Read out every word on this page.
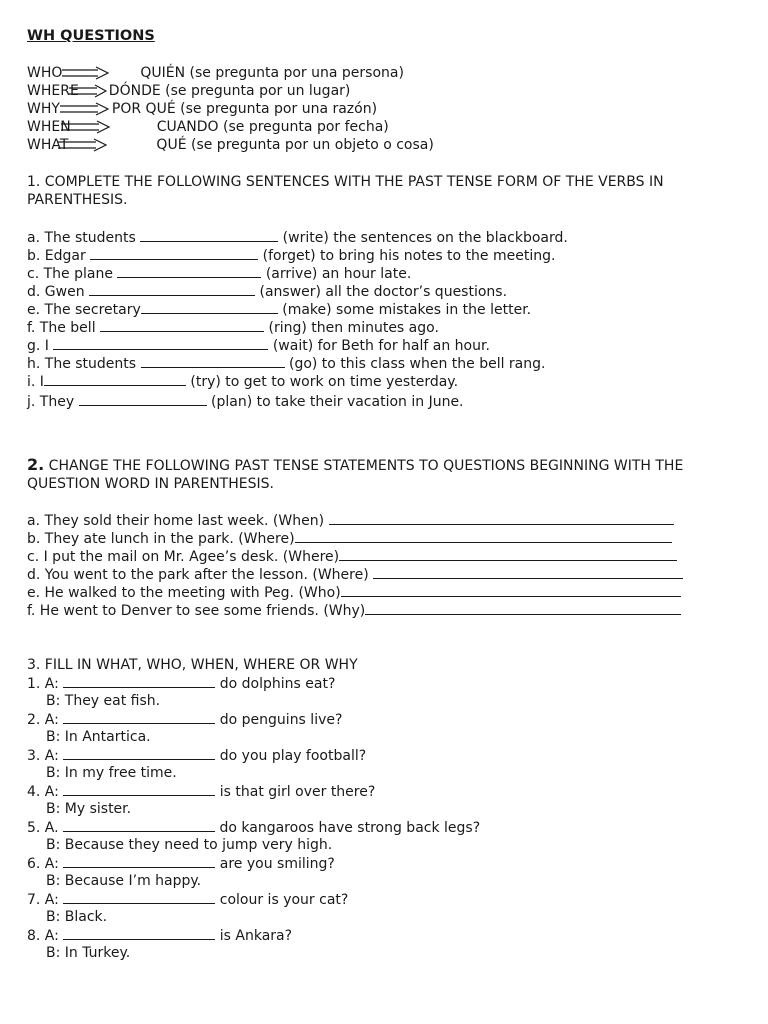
WH QUESTIONS
WHO	QUIÉN (se pregunta por una persona)
WHERE DÓNDE (se pregunta por un lugar)
WHY	POR QUÉ (se pregunta por una razón)
WHEN	CUANDO (se pregunta por fecha)
WHAT	QUÉ (se pregunta por un objeto o cosa)
1. COMPLETE THE FOLLOWING SENTENCES WITH THE PAST TENSE FORM OF THE VERBS IN
PARENTHESIS.
a. The students	(write) the sentences on the blackboard.
b. Edgar	(forget) to bring his notes to the meeting.
c. The plane	(arrive) an hour late.
d. Gwen	(answer) all the doctor’s questions.
e. The secretary	(make) some mistakes in the letter.
f. The bell	(ring) then minutes ago.
g. I	(wait) for Beth for half an hour.
h. The students	(go) to this class when the bell rang.
i. I	(try) to get to work on time yesterday.
j. They	(plan) to take their vacation in June.
2. CHANGE THE FOLLOWING PAST TENSE STATEMENTS TO QUESTIONS BEGINNING WITH THE
QUESTION WORD IN PARENTHESIS.
a. They sold their home last week. (When)
b. They ate lunch in the park. (Where)
c. I put the mail on Mr. Agee’s desk. (Where)
d. You went to the park after the lesson. (Where)
e. He walked to the meeting with Peg. (Who)
f. He went to Denver to see some friends. (Why)
3. FILL IN WHAT, WHO, WHEN, WHERE OR WHY
1. A:	do dolphins eat?
B: They eat fish.
2. A:	do penguins live?
B: In Antartica.
3. A:	do you play football?
B: In my free time.
4. A:	is that girl over there?
B: My sister.
5. A.	do kangaroos have strong back legs?
B: Because they need to jump very high.
6. A:	are you smiling?
B: Because I’m happy.
7. A:	colour is your cat?
B: Black.
8. A:	is Ankara?
B: In Turkey.
